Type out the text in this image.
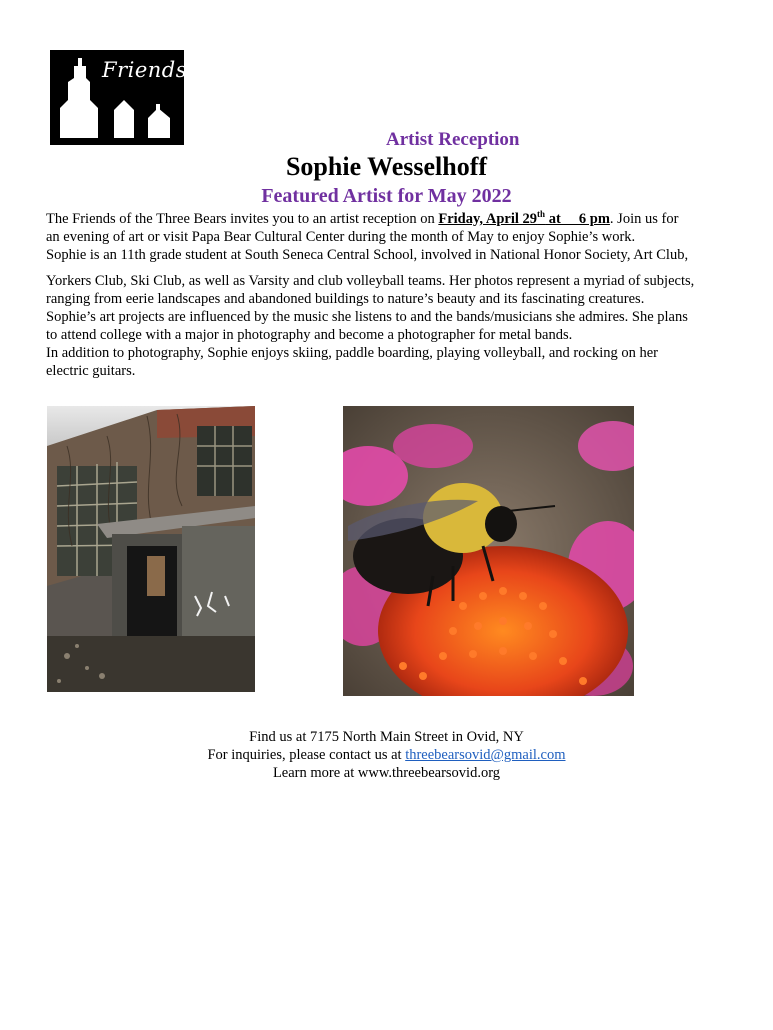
Friends
Artist Reception
Sophie Wesselhoff
Featured Artist for May 2022
The Friends of the Three Bears invites you to an artist reception on Friday, April 29th at     6 pm. Join us for
an evening of art or visit Papa Bear Cultural Center during the month of May to enjoy Sophie’s work.
Sophie is an 11th grade student at South Seneca Central School, involved in National Honor Society, Art Club,
Yorkers Club, Ski Club, as well as Varsity and club volleyball teams. Her photos represent a myriad of subjects,
ranging from eerie landscapes and abandoned buildings to nature’s beauty and its fascinating creatures.
Sophie’s art projects are influenced by the music she listens to and the bands/musicians she admires. She plans
to attend college with a major in photography and become a photographer for metal bands.
In addition to photography, Sophie enjoys skiing, paddle boarding, playing volleyball, and rocking on her
electric guitars.
Find us at 7175 North Main Street in Ovid, NY
For inquiries, please contact us at threebearsovid@gmail.com
Learn more at www.threebearsovid.org
